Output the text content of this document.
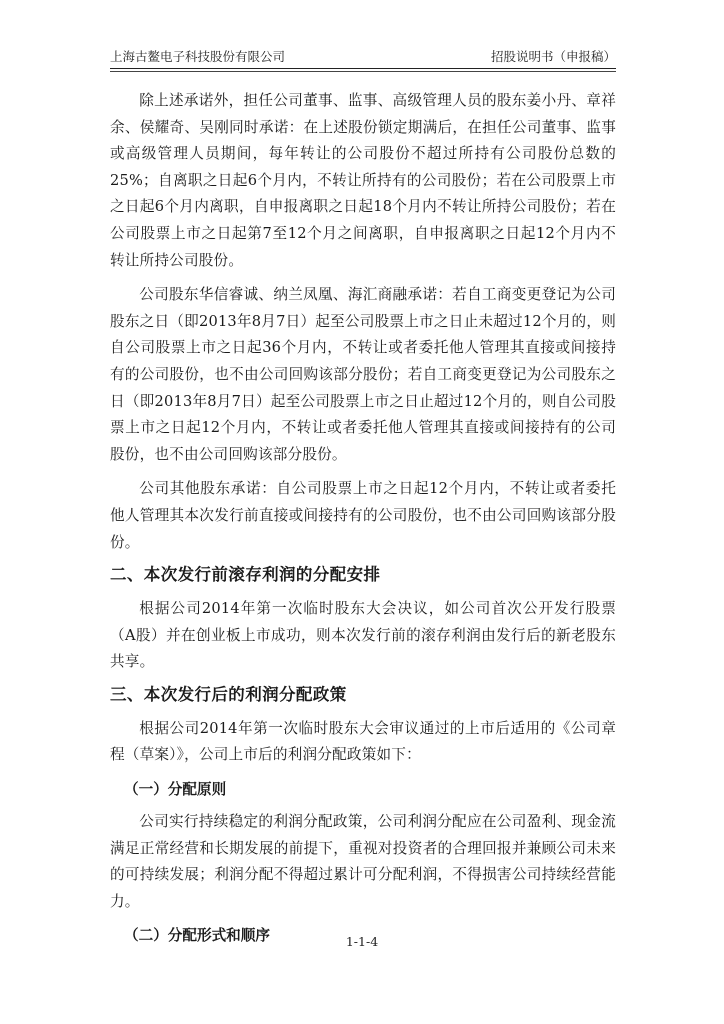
上海古鳌电子科技股份有限公司	招股说明书（申报稿）

除上述承诺外，担任公司董事、监事、高级管理人员的股东姜小丹、章祥余、侯耀奇、吴刚同时承诺：在上述股份锁定期满后，在担任公司董事、监事或高级管理人员期间，每年转让的公司股份不超过所持有公司股份总数的25%；自离职之日起6个月内，不转让所持有的公司股份；若在公司股票上市之日起6个月内离职，自申报离职之日起18个月内不转让所持公司股份；若在公司股票上市之日起第7至12个月之间离职，自申报离职之日起12个月内不转让所持公司股份。

公司股东华信睿诚、纳兰凤凰、海汇商融承诺：若自工商变更登记为公司股东之日（即2013年8月7日）起至公司股票上市之日止未超过12个月的，则自公司股票上市之日起36个月内，不转让或者委托他人管理其直接或间接持有的公司股份，也不由公司回购该部分股份；若自工商变更登记为公司股东之日（即2013年8月7日）起至公司股票上市之日止超过12个月的，则自公司股票上市之日起12个月内，不转让或者委托他人管理其直接或间接持有的公司股份，也不由公司回购该部分股份。

公司其他股东承诺：自公司股票上市之日起12个月内，不转让或者委托他人管理其本次发行前直接或间接持有的公司股份，也不由公司回购该部分股份。

二、本次发行前滚存利润的分配安排

根据公司2014年第一次临时股东大会决议，如公司首次公开发行股票（A股）并在创业板上市成功，则本次发行前的滚存利润由发行后的新老股东共享。

三、本次发行后的利润分配政策

根据公司2014年第一次临时股东大会审议通过的上市后适用的《公司章程（草案）》，公司上市后的利润分配政策如下：

（一）分配原则

公司实行持续稳定的利润分配政策，公司利润分配应在公司盈利、现金流满足正常经营和长期发展的前提下，重视对投资者的合理回报并兼顾公司未来的可持续发展；利润分配不得超过累计可分配利润，不得损害公司持续经营能力。

（二）分配形式和顺序	1-1-4
